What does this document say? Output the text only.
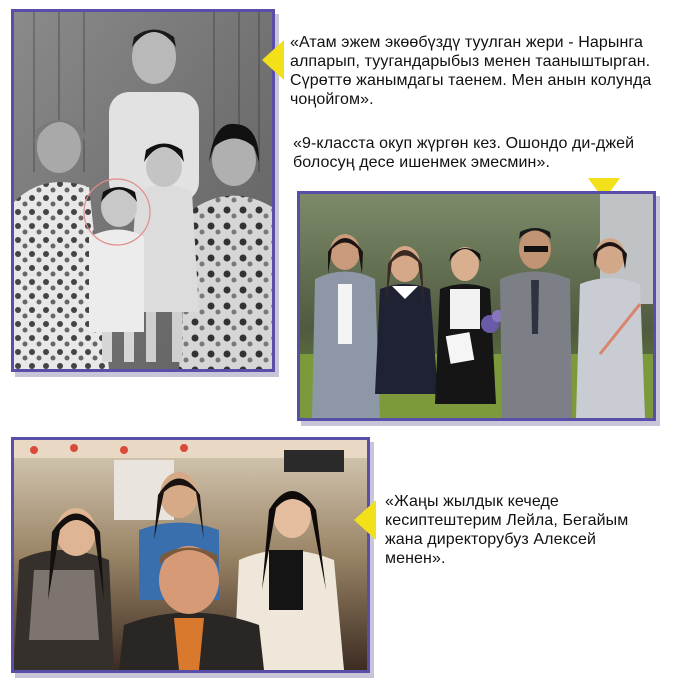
«Атам эжем экөөбүздү туулган жери - Нарынга алпарып, туугандарыбыз менен тааныштырган. Сүрөттө жанымдагы таенем. Мен анын колунда чоңойгом».
«9-класста окуп жүргөн кез. Ошондо ди-джей болосуң десе ишенмек эмесмин».
«Жаңы жылдык кечеде кесиптештерим Лейла, Бегайым жана директорубуз Алексей менен».
